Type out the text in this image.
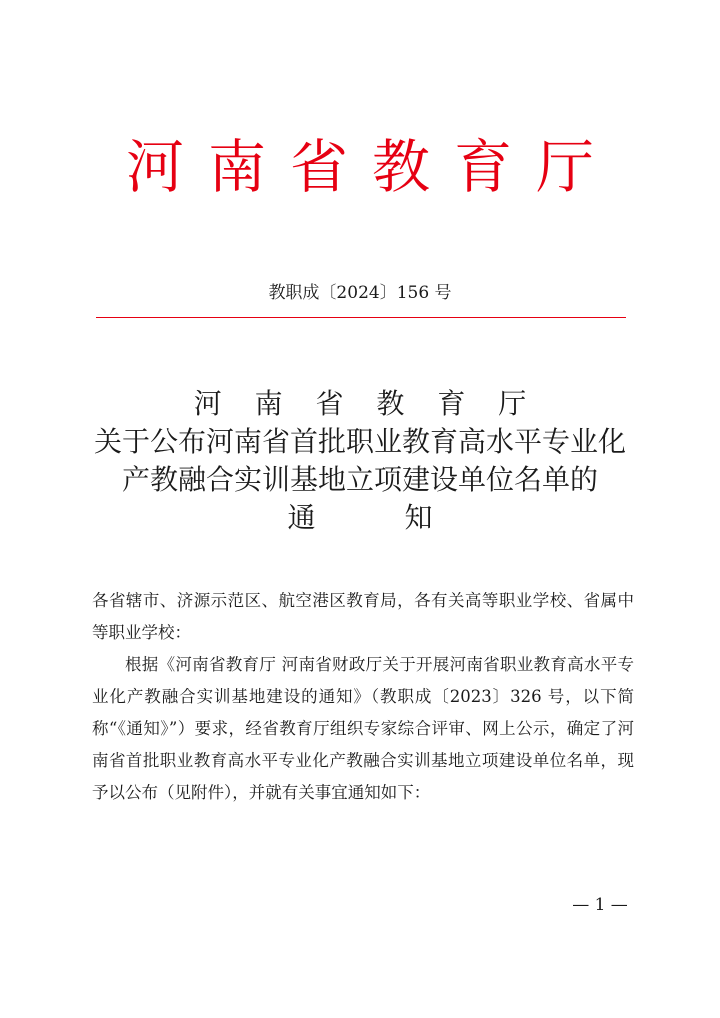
河南省教育厅
教职成〔2024〕156 号
河 南 省 教 育 厅
关于公布河南省首批职业教育高水平专业化
产教融合实训基地立项建设单位名单的
通 知

各省辖市、济源示范区、航空港区教育局，各有关高等职业学校、省属中等职业学校：

根据《河南省教育厅 河南省财政厅关于开展河南省职业教育高水平专业化产教融合实训基地建设的通知》（教职成〔2023〕326 号，以下简称“《通知》”）要求，经省教育厅组织专家综合评审、网上公示，确定了河南省首批职业教育高水平专业化产教融合实训基地立项建设单位名单，现予以公布（见附件），并就有关事宜通知如下：

— 1 —
